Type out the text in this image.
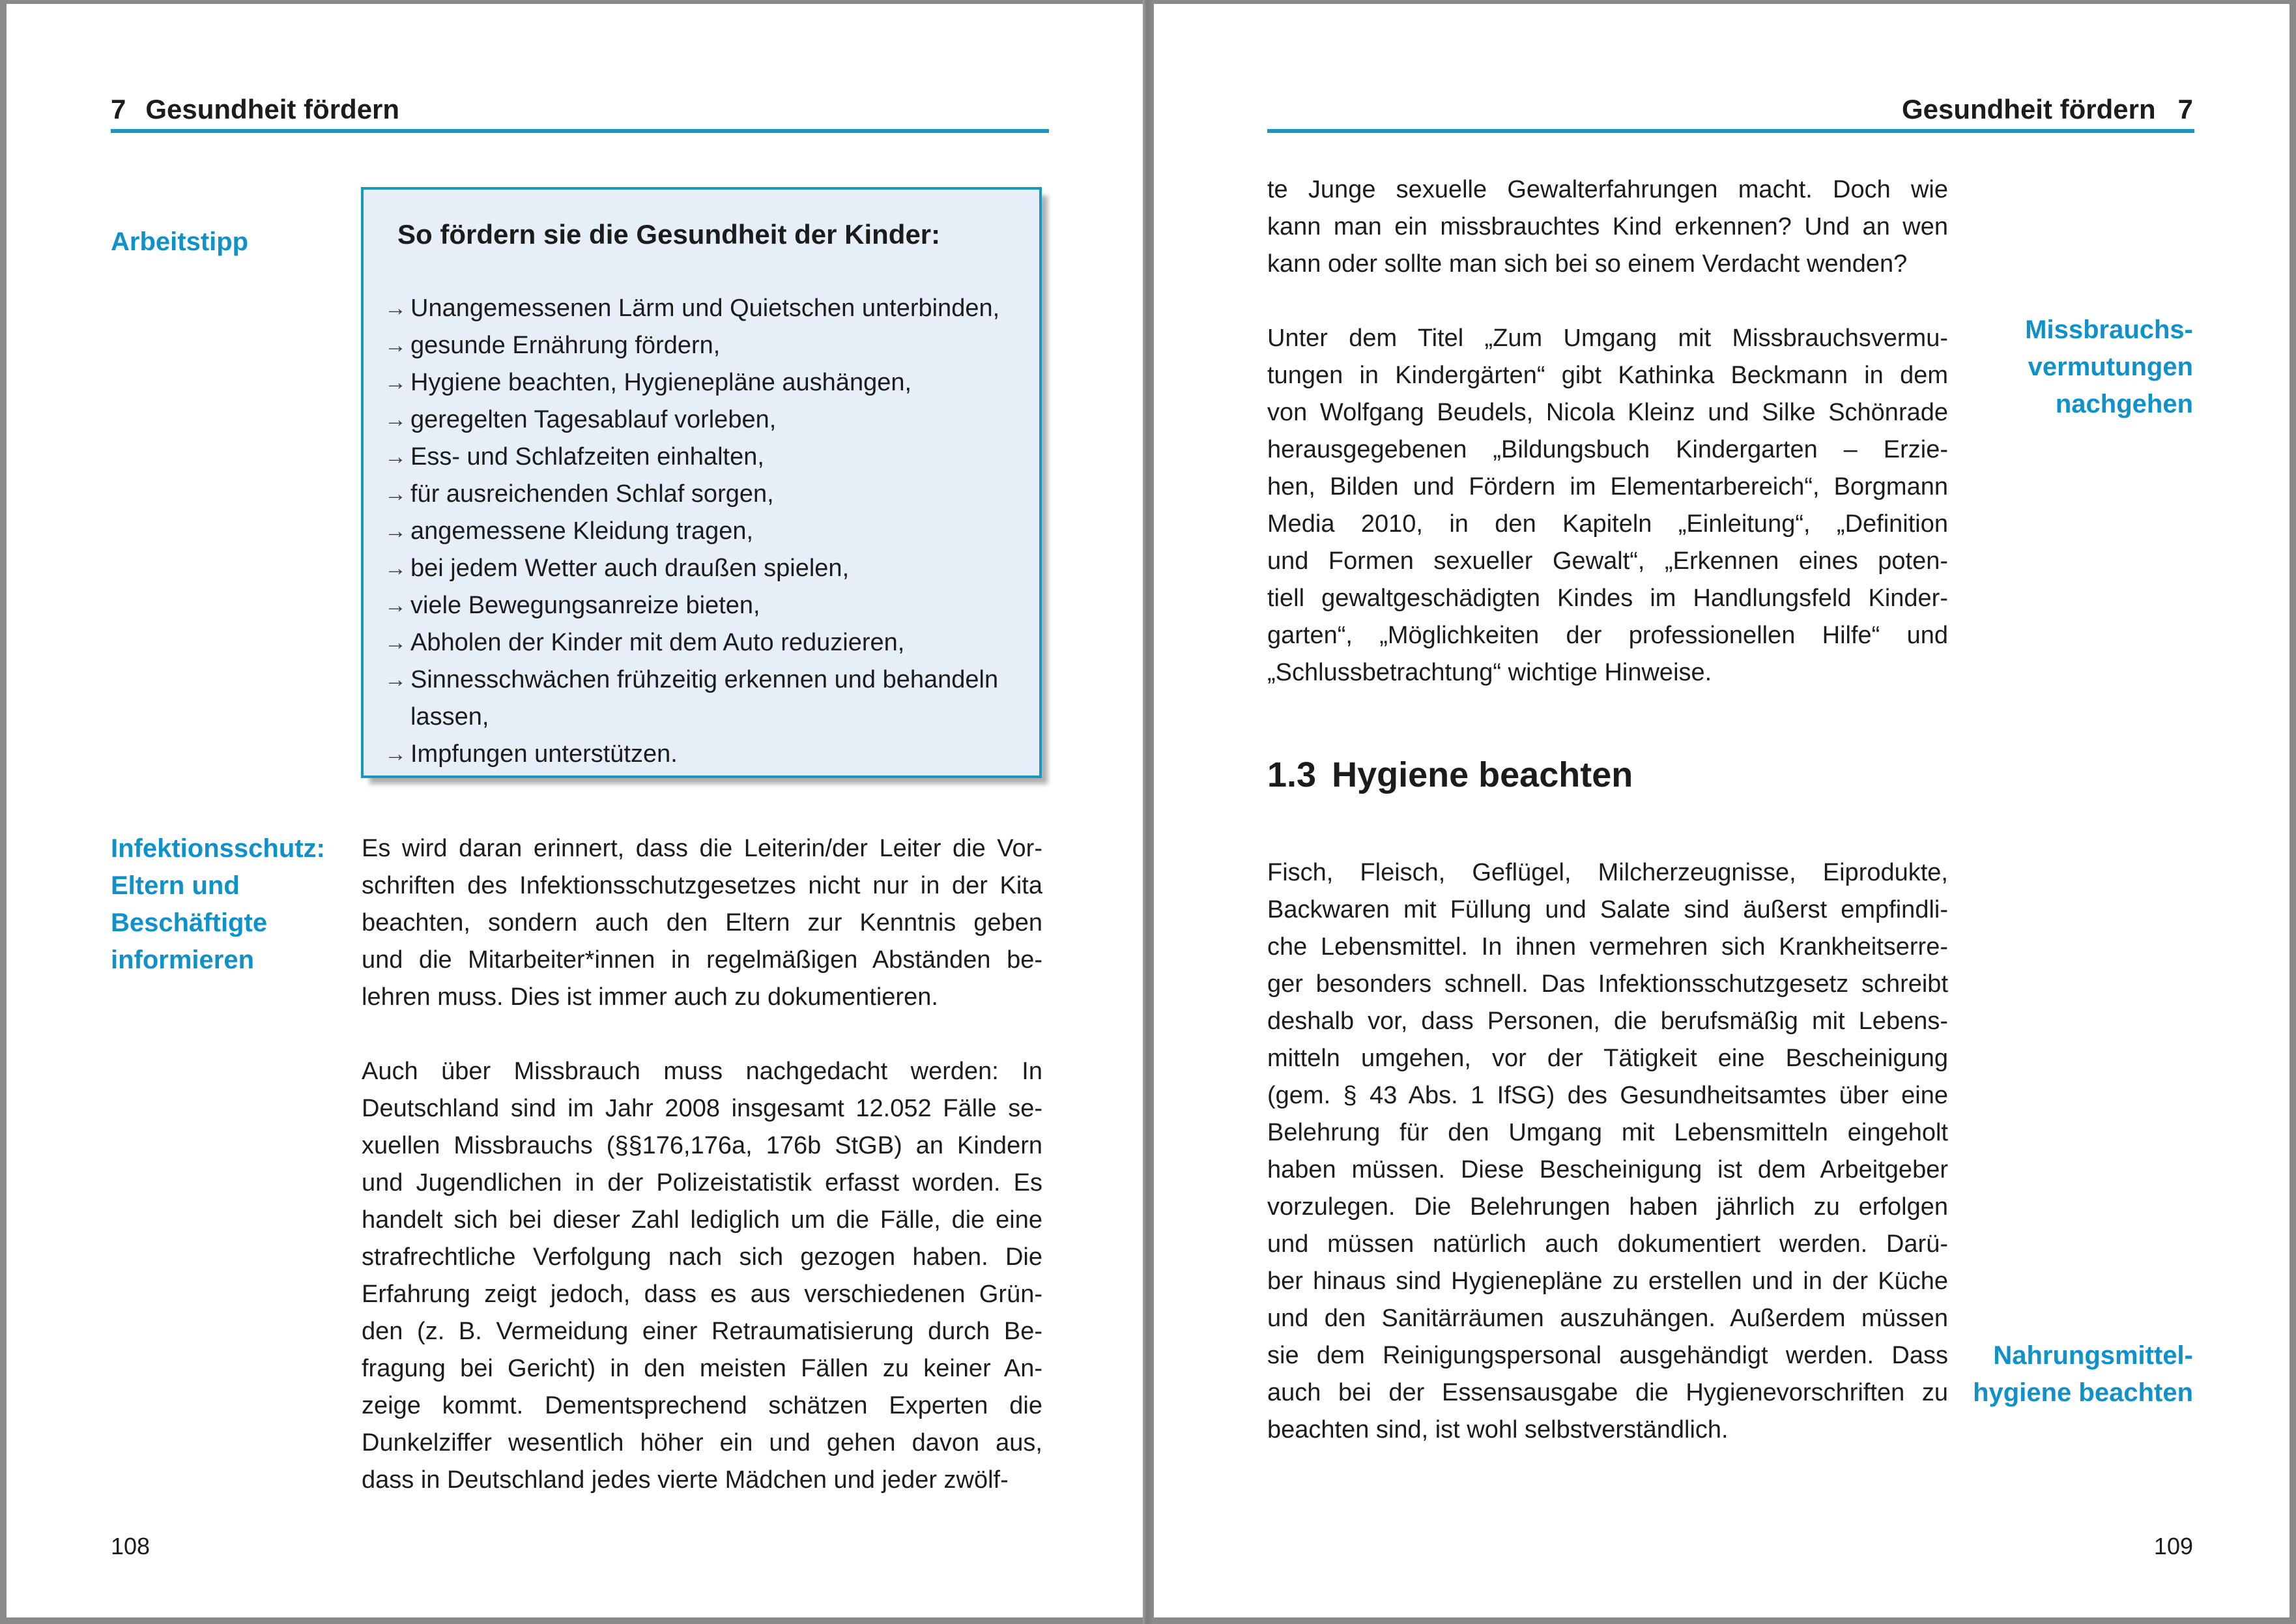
7 Gesundheit fördern
Arbeitstipp	So fördern sie die Gesundheit der Kinder:
→ Unangemessenen Lärm und Quietschen unterbinden,
→ gesunde Ernährung fördern,
→ Hygiene beachten, Hygienepläne aushängen,
→ geregelten Tagesablauf vorleben,
→ Ess- und Schlafzeiten einhalten,
→ für ausreichenden Schlaf sorgen,
→ angemessene Kleidung tragen,
→ bei jedem Wetter auch draußen spielen,
→ viele Bewegungsanreize bieten,
→ Abholen der Kinder mit dem Auto reduzieren,
→ Sinnesschwächen frühzeitig erkennen und behandeln lassen,
→ Impfungen unterstützen.
Infektionsschutz:
Eltern und
Beschäftigte
informieren
Es wird daran erinnert, dass die Leiterin/der Leiter die Vor-
schriften des Infektionsschutzgesetzes nicht nur in der Kita
beachten, sondern auch den Eltern zur Kenntnis geben
und die Mitarbeiter*innen in regelmäßigen Abständen be-
lehren muss. Dies ist immer auch zu dokumentieren.
Auch über Missbrauch muss nachgedacht werden: In
Deutschland sind im Jahr 2008 insgesamt 12.052 Fälle se-
xuellen Missbrauchs (§§176,176a, 176b StGB) an Kindern
und Jugendlichen in der Polizeistatistik erfasst worden. Es
handelt sich bei dieser Zahl lediglich um die Fälle, die eine
strafrechtliche Verfolgung nach sich gezogen haben. Die
Erfahrung zeigt jedoch, dass es aus verschiedenen Grün-
den (z. B. Vermeidung einer Retraumatisierung durch Be-
fragung bei Gericht) in den meisten Fällen zu keiner An-
zeige kommt. Dementsprechend schätzen Experten die
Dunkelziffer wesentlich höher ein und gehen davon aus,
dass in Deutschland jedes vierte Mädchen und jeder zwölf-
108
Gesundheit fördern 7
te Junge sexuelle Gewalterfahrungen macht. Doch wie
kann man ein missbrauchtes Kind erkennen? Und an wen
kann oder sollte man sich bei so einem Verdacht wenden?
Unter dem Titel „Zum Umgang mit Missbrauchsvermu-
tungen in Kindergärten“ gibt Kathinka Beckmann in dem
von Wolfgang Beudels, Nicola Kleinz und Silke Schönrade
herausgegebenen „Bildungsbuch Kindergarten – Erzie-
hen, Bilden und Fördern im Elementarbereich“, Borgmann
Media 2010, in den Kapiteln „Einleitung“, „Definition
und Formen sexueller Gewalt“, „Erkennen eines poten-
tiell gewaltgeschädigten Kindes im Handlungsfeld Kinder-
garten“, „Möglichkeiten der professionellen Hilfe“ und
„Schlussbetrachtung“ wichtige Hinweise.
Missbrauchs-
vermutungen
nachgehen
1.3 Hygiene beachten
Fisch, Fleisch, Geflügel, Milcherzeugnisse, Eiprodukte,
Backwaren mit Füllung und Salate sind äußerst empfindli-
che Lebensmittel. In ihnen vermehren sich Krankheitserre-
ger besonders schnell. Das Infektionsschutzgesetz schreibt
deshalb vor, dass Personen, die berufsmäßig mit Lebens-
mitteln umgehen, vor der Tätigkeit eine Bescheinigung
(gem. § 43 Abs. 1 IfSG) des Gesundheitsamtes über eine
Belehrung für den Umgang mit Lebensmitteln eingeholt
haben müssen. Diese Bescheinigung ist dem Arbeitgeber
vorzulegen. Die Belehrungen haben jährlich zu erfolgen
und müssen natürlich auch dokumentiert werden. Darü-
ber hinaus sind Hygienepläne zu erstellen und in der Küche
und den Sanitärräumen auszuhängen. Außerdem müssen
sie dem Reinigungspersonal ausgehändigt werden. Dass
auch bei der Essensausgabe die Hygienevorschriften zu
beachten sind, ist wohl selbstverständlich.
Nahrungsmittel-
hygiene beachten
109
